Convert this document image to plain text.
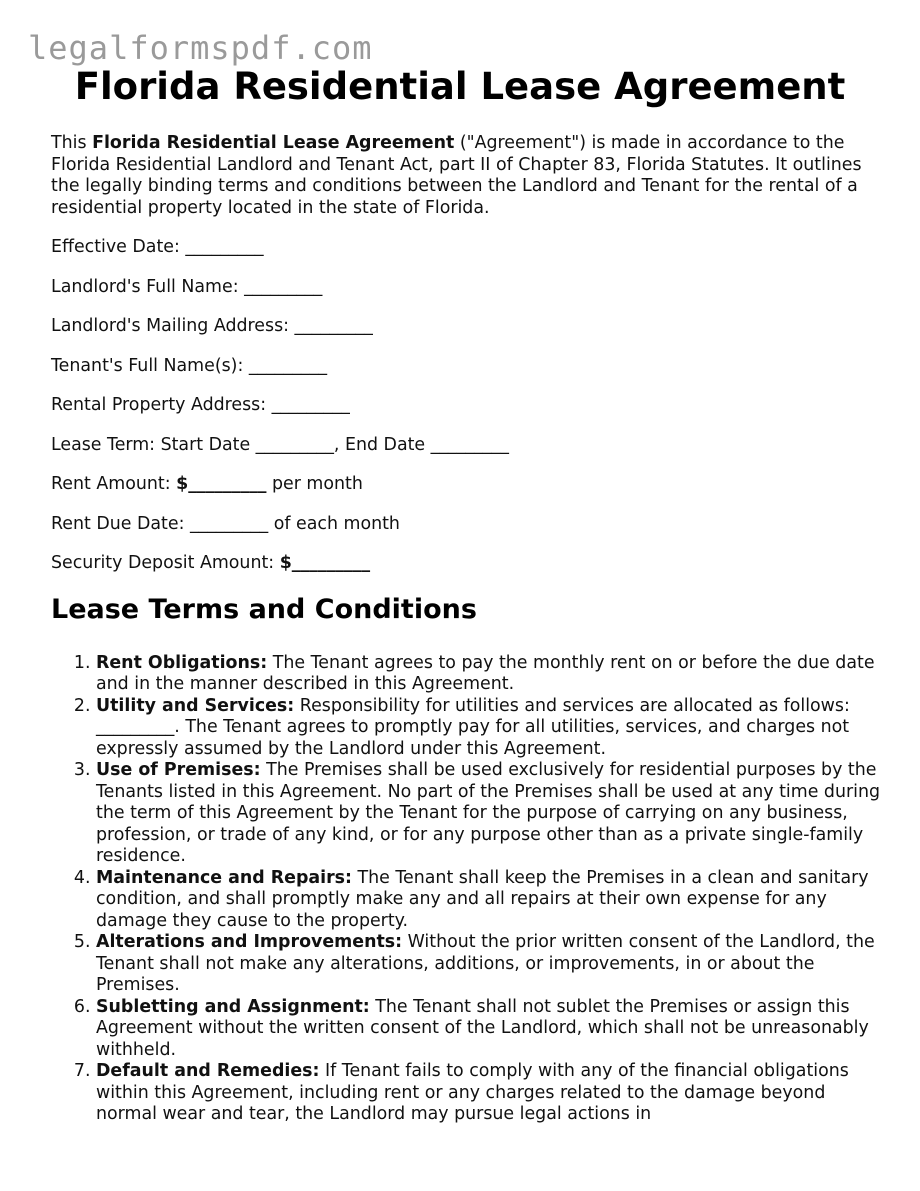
legalformspdf.com
Florida Residential Lease Agreement

This Florida Residential Lease Agreement ("Agreement") is made in accordance to the Florida Residential Landlord and Tenant Act, part II of Chapter 83, Florida Statutes. It outlines the legally binding terms and conditions between the Landlord and Tenant for the rental of a residential property located in the state of Florida.

Effective Date: _________

Landlord's Full Name: _________

Landlord's Mailing Address: _________

Tenant's Full Name(s): _________

Rental Property Address: _________

Lease Term: Start Date _________, End Date _________

Rent Amount: $_________ per month

Rent Due Date: _________ of each month

Security Deposit Amount: $_________

Lease Terms and Conditions
1. Rent Obligations: The Tenant agrees to pay the monthly rent on or before the due date and in the manner described in this Agreement.
2. Utility and Services: Responsibility for utilities and services are allocated as follows: _________. The Tenant agrees to promptly pay for all utilities, services, and charges not expressly assumed by the Landlord under this Agreement.
3. Use of Premises: The Premises shall be used exclusively for residential purposes by the Tenants listed in this Agreement. No part of the Premises shall be used at any time during the term of this Agreement by the Tenant for the purpose of carrying on any business, profession, or trade of any kind, or for any purpose other than as a private single-family residence.
4. Maintenance and Repairs: The Tenant shall keep the Premises in a clean and sanitary condition, and shall promptly make any and all repairs at their own expense for any damage they cause to the property.
5. Alterations and Improvements: Without the prior written consent of the Landlord, the Tenant shall not make any alterations, additions, or improvements, in or about the Premises.
6. Subletting and Assignment: The Tenant shall not sublet the Premises or assign this Agreement without the written consent of the Landlord, which shall not be unreasonably withheld.
7. Default and Remedies: If Tenant fails to comply with any of the financial obligations within this Agreement, including rent or any charges related to the damage beyond normal wear and tear, the Landlord may pursue legal actions in
